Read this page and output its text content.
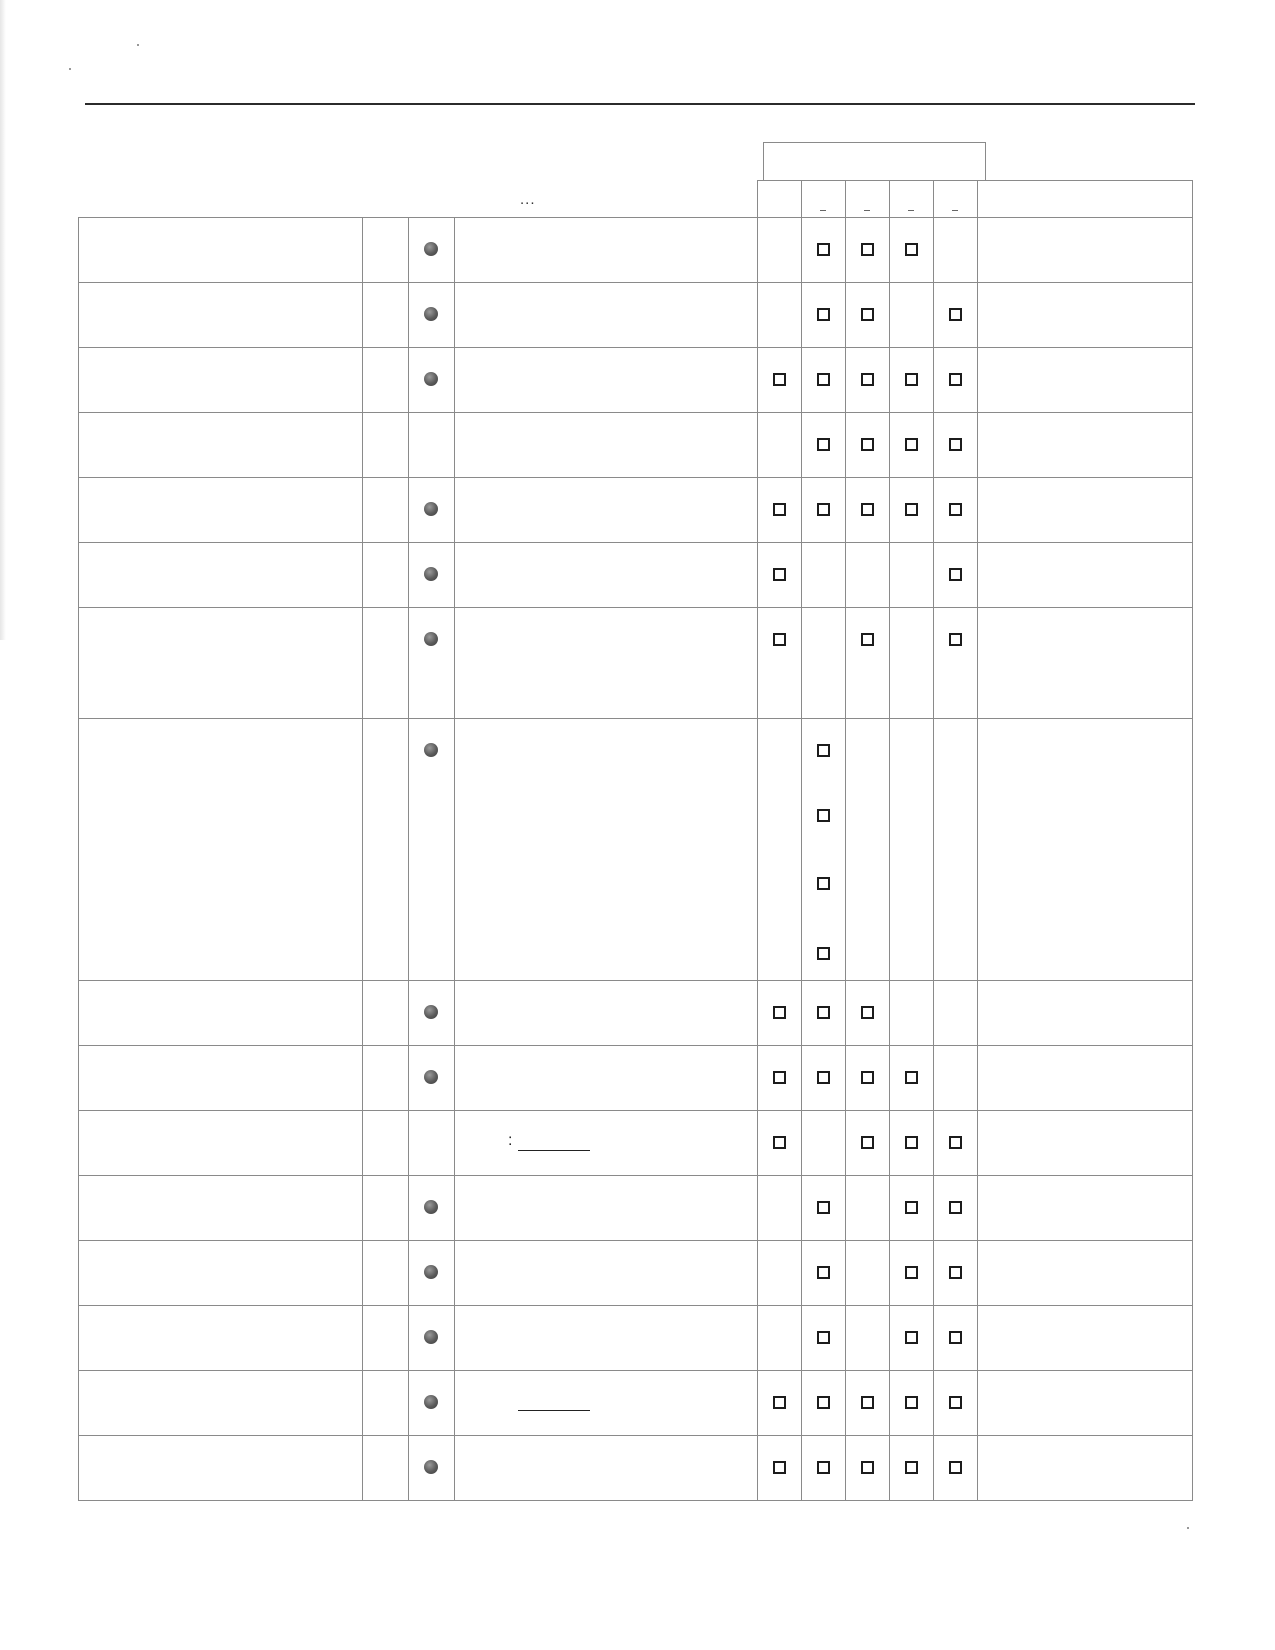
...
:
